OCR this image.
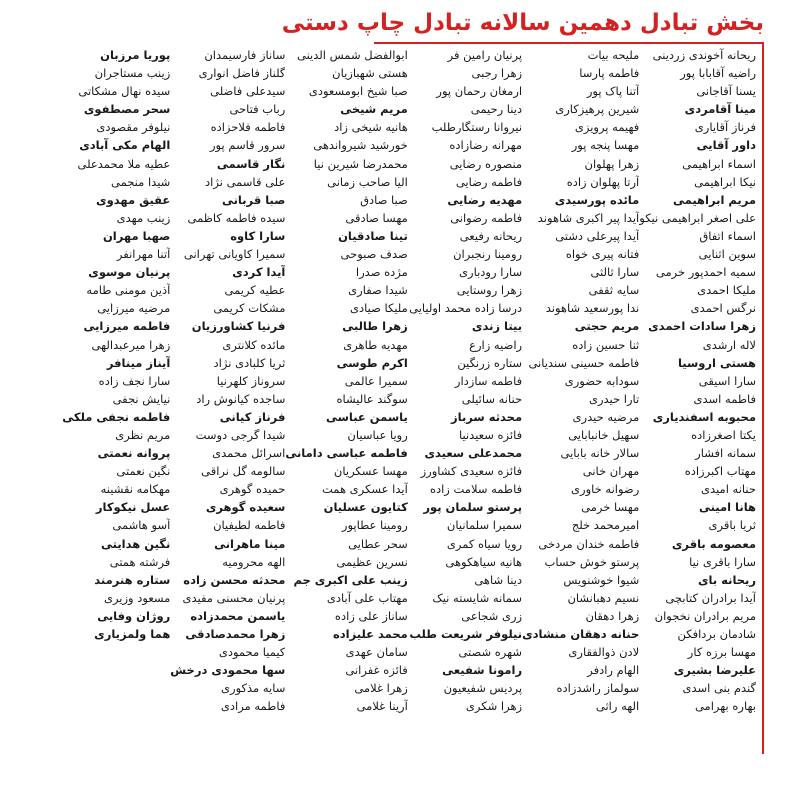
بخش تبادل دهمین سالانه تبادل چاپ دستی
ریحانه آخوندی زردینی
راضیه آقابابا پور
یسنا آقاجانی
مینا آقامردی
فرناز آقایاری
داور آقایی
اسماء ابراهیمی
نیکا ابراهیمی
مریم ابراهیمی
علی اصغر ابراهیمی نیکو
اسماء اتفاق
سوین اثنایی
سمیه احمدپور خرمی
ملیکا احمدی
نرگس احمدی
زهرا سادات احمدی
لاله ارشدی
هستی اروسیا
سارا اسیقی
فاطمه اسدی
محبوبه اسفندیاری
یکتا اصغرزاده
سمانه افشار
مهتاب اکبرزاده
حنانه امیدی
هانا امینی
ثریا باقری
معصومه باقری
سارا باقری نیا
ریحانه بای
آیدا برادران کتابچی
مریم برادران نخجوان
شادمان بردافکن
مهسا برزه کار
علیرضا بشیری
گندم بنی اسدی
بهاره بهرامی
ملیحه بیات
فاطمه پارسا
آتنا پاک پور
شیرین پرهیزکاری
فهیمه پرویزی
مهسا پنجه پور
زهرا پهلوان
آرتا پهلوان زاده
مائده پورسیدی
آیدا پیر اکبری شاهوند
آیدا پیرعلی دشتی
فتانه پیری خواه
سارا ثالثی
سایه ثقفی
ندا پورسعید شاهوند
مریم حجتی
ثنا حسین زاده
فاطمه حسینی سندیانی
سودابه حضوری
تارا حیدری
مرضیه حیدری
سهیل خانبابایی
سالار خانه بابایی
مهران خانی
رضوانه خاوری
مهسا خرمی
امیرمحمد خلج
فاطمه خندان مردخی
پرستو خوش حساب
شیوا خوشنویس
نسیم دهبانشان
زهرا دهقان
حنانه دهقان منشادی
لادن ذوالفقاری
الهام رادفر
سولماز راشدزاده
الهه راثی
پرنیان رامین فر
زهرا رجبی
ارمغان رحمان پور
دینا رحیمی
نیروانا رستگارطلب
مهرانه رضازاده
منصوره رضایی
فاطمه رضایی
مهدیه رضایی
فاطمه رضوانی
ریحانه رفیعی
رومینا رنجبران
سارا رودباری
زهرا روستایی
درسا زاده محمد اولیایی
بیتا زندی
راضیه زارع
ستاره زرنگین
فاطمه سازدار
حنانه سائیلی
محدثه سرباز
فائزه سعیدنیا
محمدعلی سعیدی
فائزه سعیدی کشاورز
فاطمه سلامت زاده
پرستو سلمان پور
سمیرا سلمانیان
رویا سیاه کمری
هانیه سیاهکوهی
دینا شاهی
سمانه شایسته نیک
زری شجاعی
نیلوفر شریعت طلب
شهره شصتی
رامونا شفیعی
پردیس شفیعیون
زهرا شکری
ابوالفضل شمس الدینی
هستی شهبازیان
صبا شیخ ابومسعودی
مریم شیخی
هانیه شیخی زاد
خورشید شیرواندهی
محمدرضا شیرین نیا
الیا صاحب زمانی
صبا صادق
مهسا صادقی
تینا صادقیان
صدف صبوحی
مژده صدرا
شیدا صفاری
ملیکا صیادی
زهرا طالبی
مهدیه طاهری
اکرم طوسی
سمیرا عالمی
سوگند عالیشاه
یاسمن عباسی
رویا عباسیان
فاطمه عباسی دامانی
مهسا عسکریان
آیدا عسکری همت
کتایون عسلیان
رومینا عطاپور
سحر عطایی
نسرین عظیمی
زینب علی اکبری جم
مهتاب علی آبادی
ساناز علی زاده
محمد علیزاده
سامان عهدی
فائزه غفرانی
زهرا غلامی
آرینا غلامی
ساناز فارسیمدان
گلناز فاضل انواری
سیدعلی فاضلی
رباب فتاحی
فاطمه فلاحزاده
سرور قاسم پور
نگار قاسمی
علی قاسمی نژاد
صبا قربانی
سیده فاطمه کاظمی
سارا کاوه
سمیرا کاویانی تهرانی
آیدا کردی
عطیه کریمی
مشکات کریمی
فرنیا کشاورزیان
مائده کلانتری
ثریا کلبادی نژاد
سروناز کلهرنیا
ساجده کیانوش راد
فرناز کیانی
شیدا گرجی دوست
اسرائل محمدی
سالومه گل نراقی
حمیده گوهری
سعیده گوهری
فاطمه لطیفیان
مینا ماهرانی
الهه محرومیه
محدثه محسن زاده
پرنیان محسنی مفیدی
یاسمن محمدزاده
زهرا محمدصادقی
کیمیا محمودی
سها محمودی درخش
سایه مذکوری
فاطمه مرادی
پوریا مرزبان
زینب مستاجران
سیده نهال مشکاتی
سحر مصطفوی
نیلوفر مقصودی
الهام مکی آبادی
عطیه ملا محمدعلی
شیدا منجمی
عقیق مهدوی
زینب مهدی
صهبا مهران
آتنا مهرانفر
پرنیان موسوی
آذین مومنی طامه
مرضیه میرزایی
فاطمه میرزایی
زهرا میرعبدالهی
آیناز مینافر
سارا نجف زاده
نیایش نجفی
فاطمه نجفی ملکی
مریم نظری
پروانه نعمتی
نگین نعمتی
مهکامه نقشینه
عسل نیکوکار
آسو هاشمی
نگین هدایتی
فرشته همتی
ستاره هنرمند
مسعود وزیری
روژان وفایی
هما ولمزیاری
